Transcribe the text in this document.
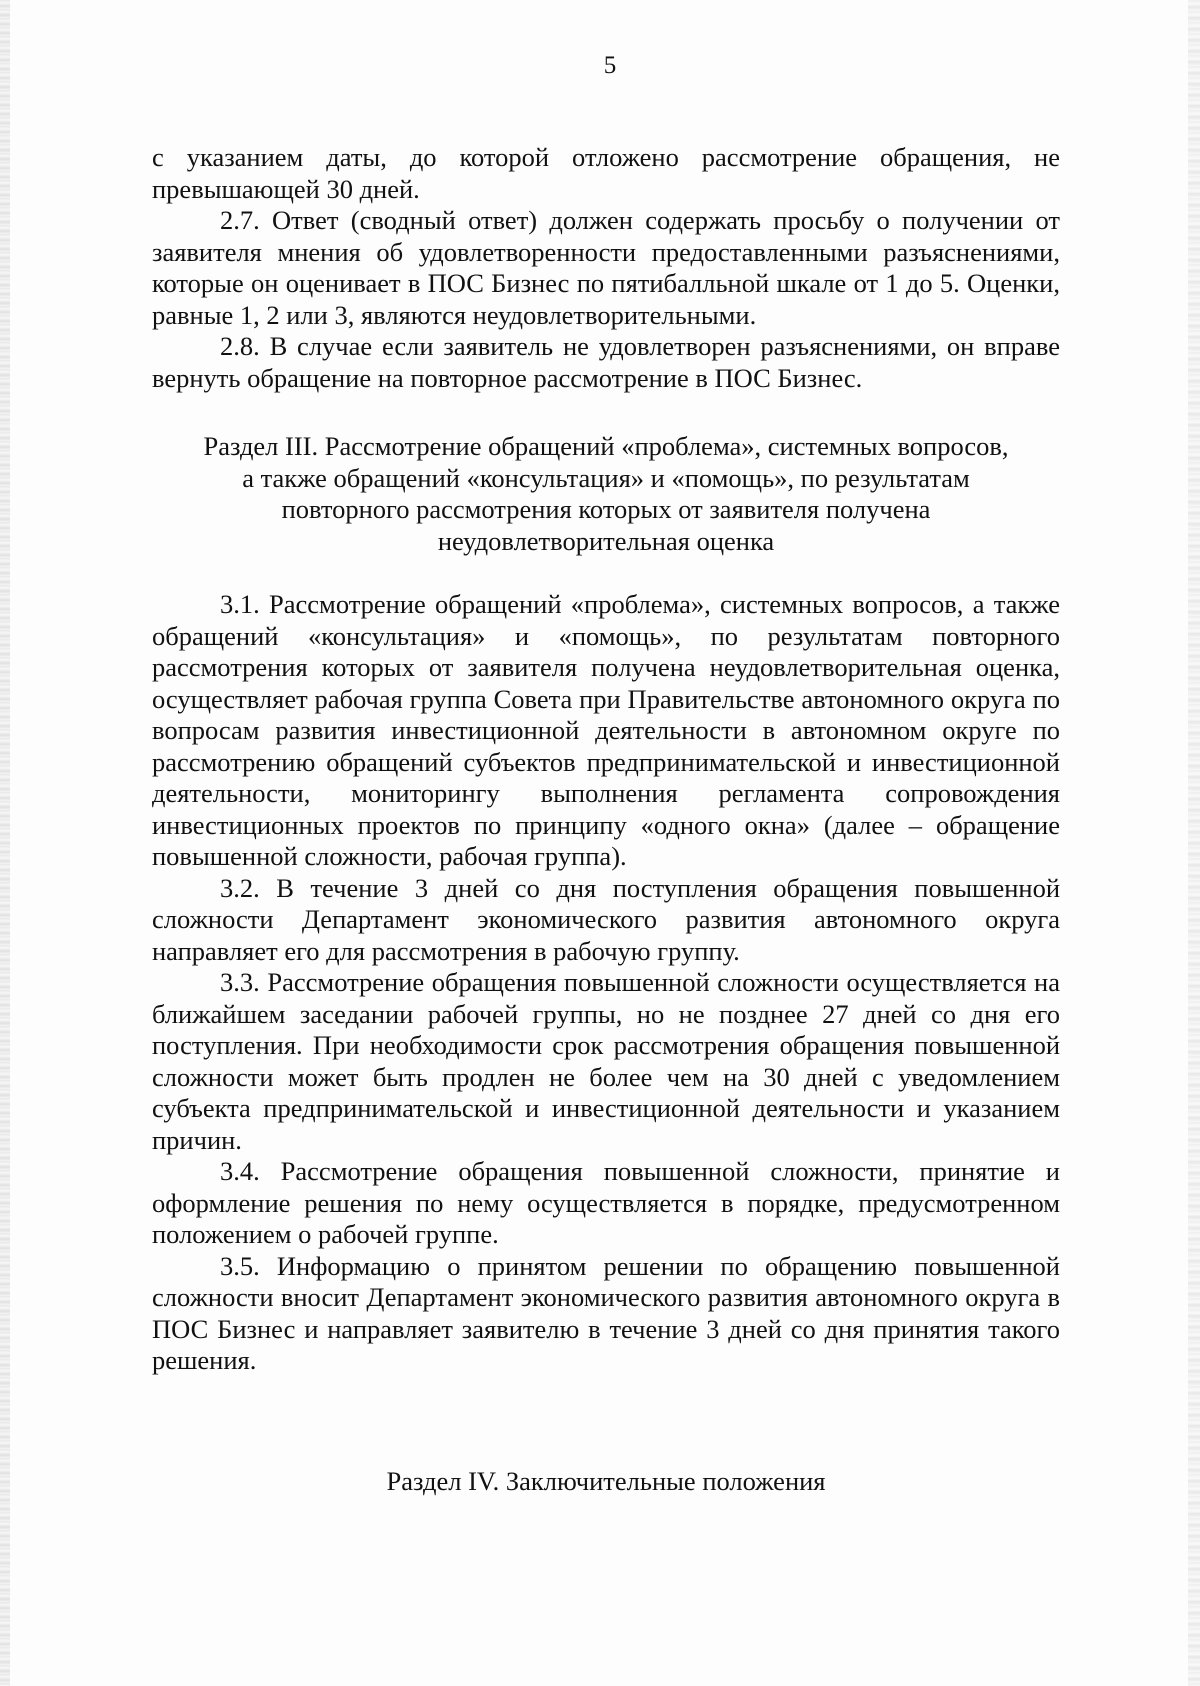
5

с указанием даты, до которой отложено рассмотрение обращения, не превышающей 30 дней.

2.7. Ответ (сводный ответ) должен содержать просьбу о получении от заявителя мнения об удовлетворенности предоставленными разъяснениями, которые он оценивает в ПОС Бизнес по пятибалльной шкале от 1 до 5. Оценки, равные 1, 2 или 3, являются неудовлетворительными.

2.8. В случае если заявитель не удовлетворен разъяснениями, он вправе вернуть обращение на повторное рассмотрение в ПОС Бизнес.

Раздел III. Рассмотрение обращений «проблема», системных вопросов,
а также обращений «консультация» и «помощь», по результатам
повторного рассмотрения которых от заявителя получена
неудовлетворительная оценка

3.1. Рассмотрение обращений «проблема», системных вопросов, а также обращений «консультация» и «помощь», по результатам повторного рассмотрения которых от заявителя получена неудовлетворительная оценка, осуществляет рабочая группа Совета при Правительстве автономного округа по вопросам развития инвестиционной деятельности в автономном округе по рассмотрению обращений субъектов предпринимательской и инвестиционной деятельности, мониторингу выполнения регламента сопровождения инвестиционных проектов по принципу «одного окна» (далее – обращение повышенной сложности, рабочая группа).

3.2. В течение 3 дней со дня поступления обращения повышенной сложности Департамент экономического развития автономного округа направляет его для рассмотрения в рабочую группу.

3.3. Рассмотрение обращения повышенной сложности осуществляется на ближайшем заседании рабочей группы, но не позднее 27 дней со дня его поступления. При необходимости срок рассмотрения обращения повышенной сложности может быть продлен не более чем на 30 дней с уведомлением субъекта предпринимательской и инвестиционной деятельности и указанием причин.

3.4. Рассмотрение обращения повышенной сложности, принятие и оформление решения по нему осуществляется в порядке, предусмотренном положением о рабочей группе.

3.5. Информацию о принятом решении по обращению повышенной сложности вносит Департамент экономического развития автономного округа в ПОС Бизнес и направляет заявителю в течение 3 дней со дня принятия такого решения.

Раздел IV. Заключительные положения
